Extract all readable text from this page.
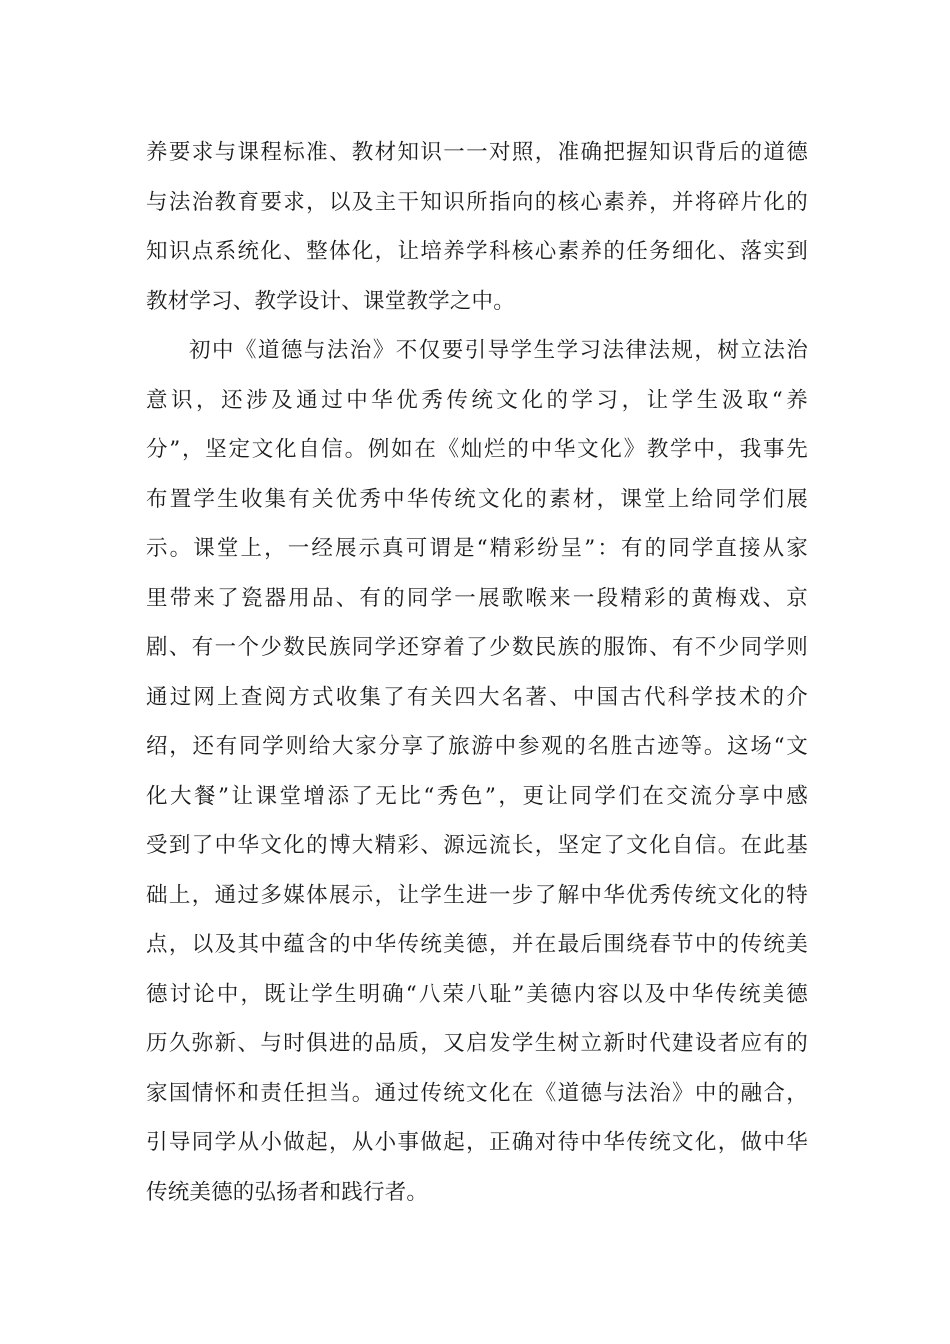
养要求与课程标准、教材知识一一对照，准确把握知识背后的道德
与法治教育要求，以及主干知识所指向的核心素养，并将碎片化的
知识点系统化、整体化，让培养学科核心素养的任务细化、落实到
教材学习、教学设计、课堂教学之中。
初中《道德与法治》不仅要引导学生学习法律法规，树立法治
意识，还涉及通过中华优秀传统文化的学习，让学生汲取“养
分”，坚定文化自信。例如在《灿烂的中华文化》教学中，我事先
布置学生收集有关优秀中华传统文化的素材，课堂上给同学们展
示。课堂上，一经展示真可谓是“精彩纷呈”：有的同学直接从家
里带来了瓷器用品、有的同学一展歌喉来一段精彩的黄梅戏、京
剧、有一个少数民族同学还穿着了少数民族的服饰、有不少同学则
通过网上查阅方式收集了有关四大名著、中国古代科学技术的介
绍，还有同学则给大家分享了旅游中参观的名胜古迹等。这场“文
化大餐”让课堂增添了无比“秀色”，更让同学们在交流分享中感
受到了中华文化的博大精彩、源远流长，坚定了文化自信。在此基
础上，通过多媒体展示，让学生进一步了解中华优秀传统文化的特
点，以及其中蕴含的中华传统美德，并在最后围绕春节中的传统美
德讨论中，既让学生明确“八荣八耻”美德内容以及中华传统美德
历久弥新、与时俱进的品质，又启发学生树立新时代建设者应有的
家国情怀和责任担当。通过传统文化在《道德与法治》中的融合，
引导同学从小做起，从小事做起，正确对待中华传统文化，做中华
传统美德的弘扬者和践行者。
